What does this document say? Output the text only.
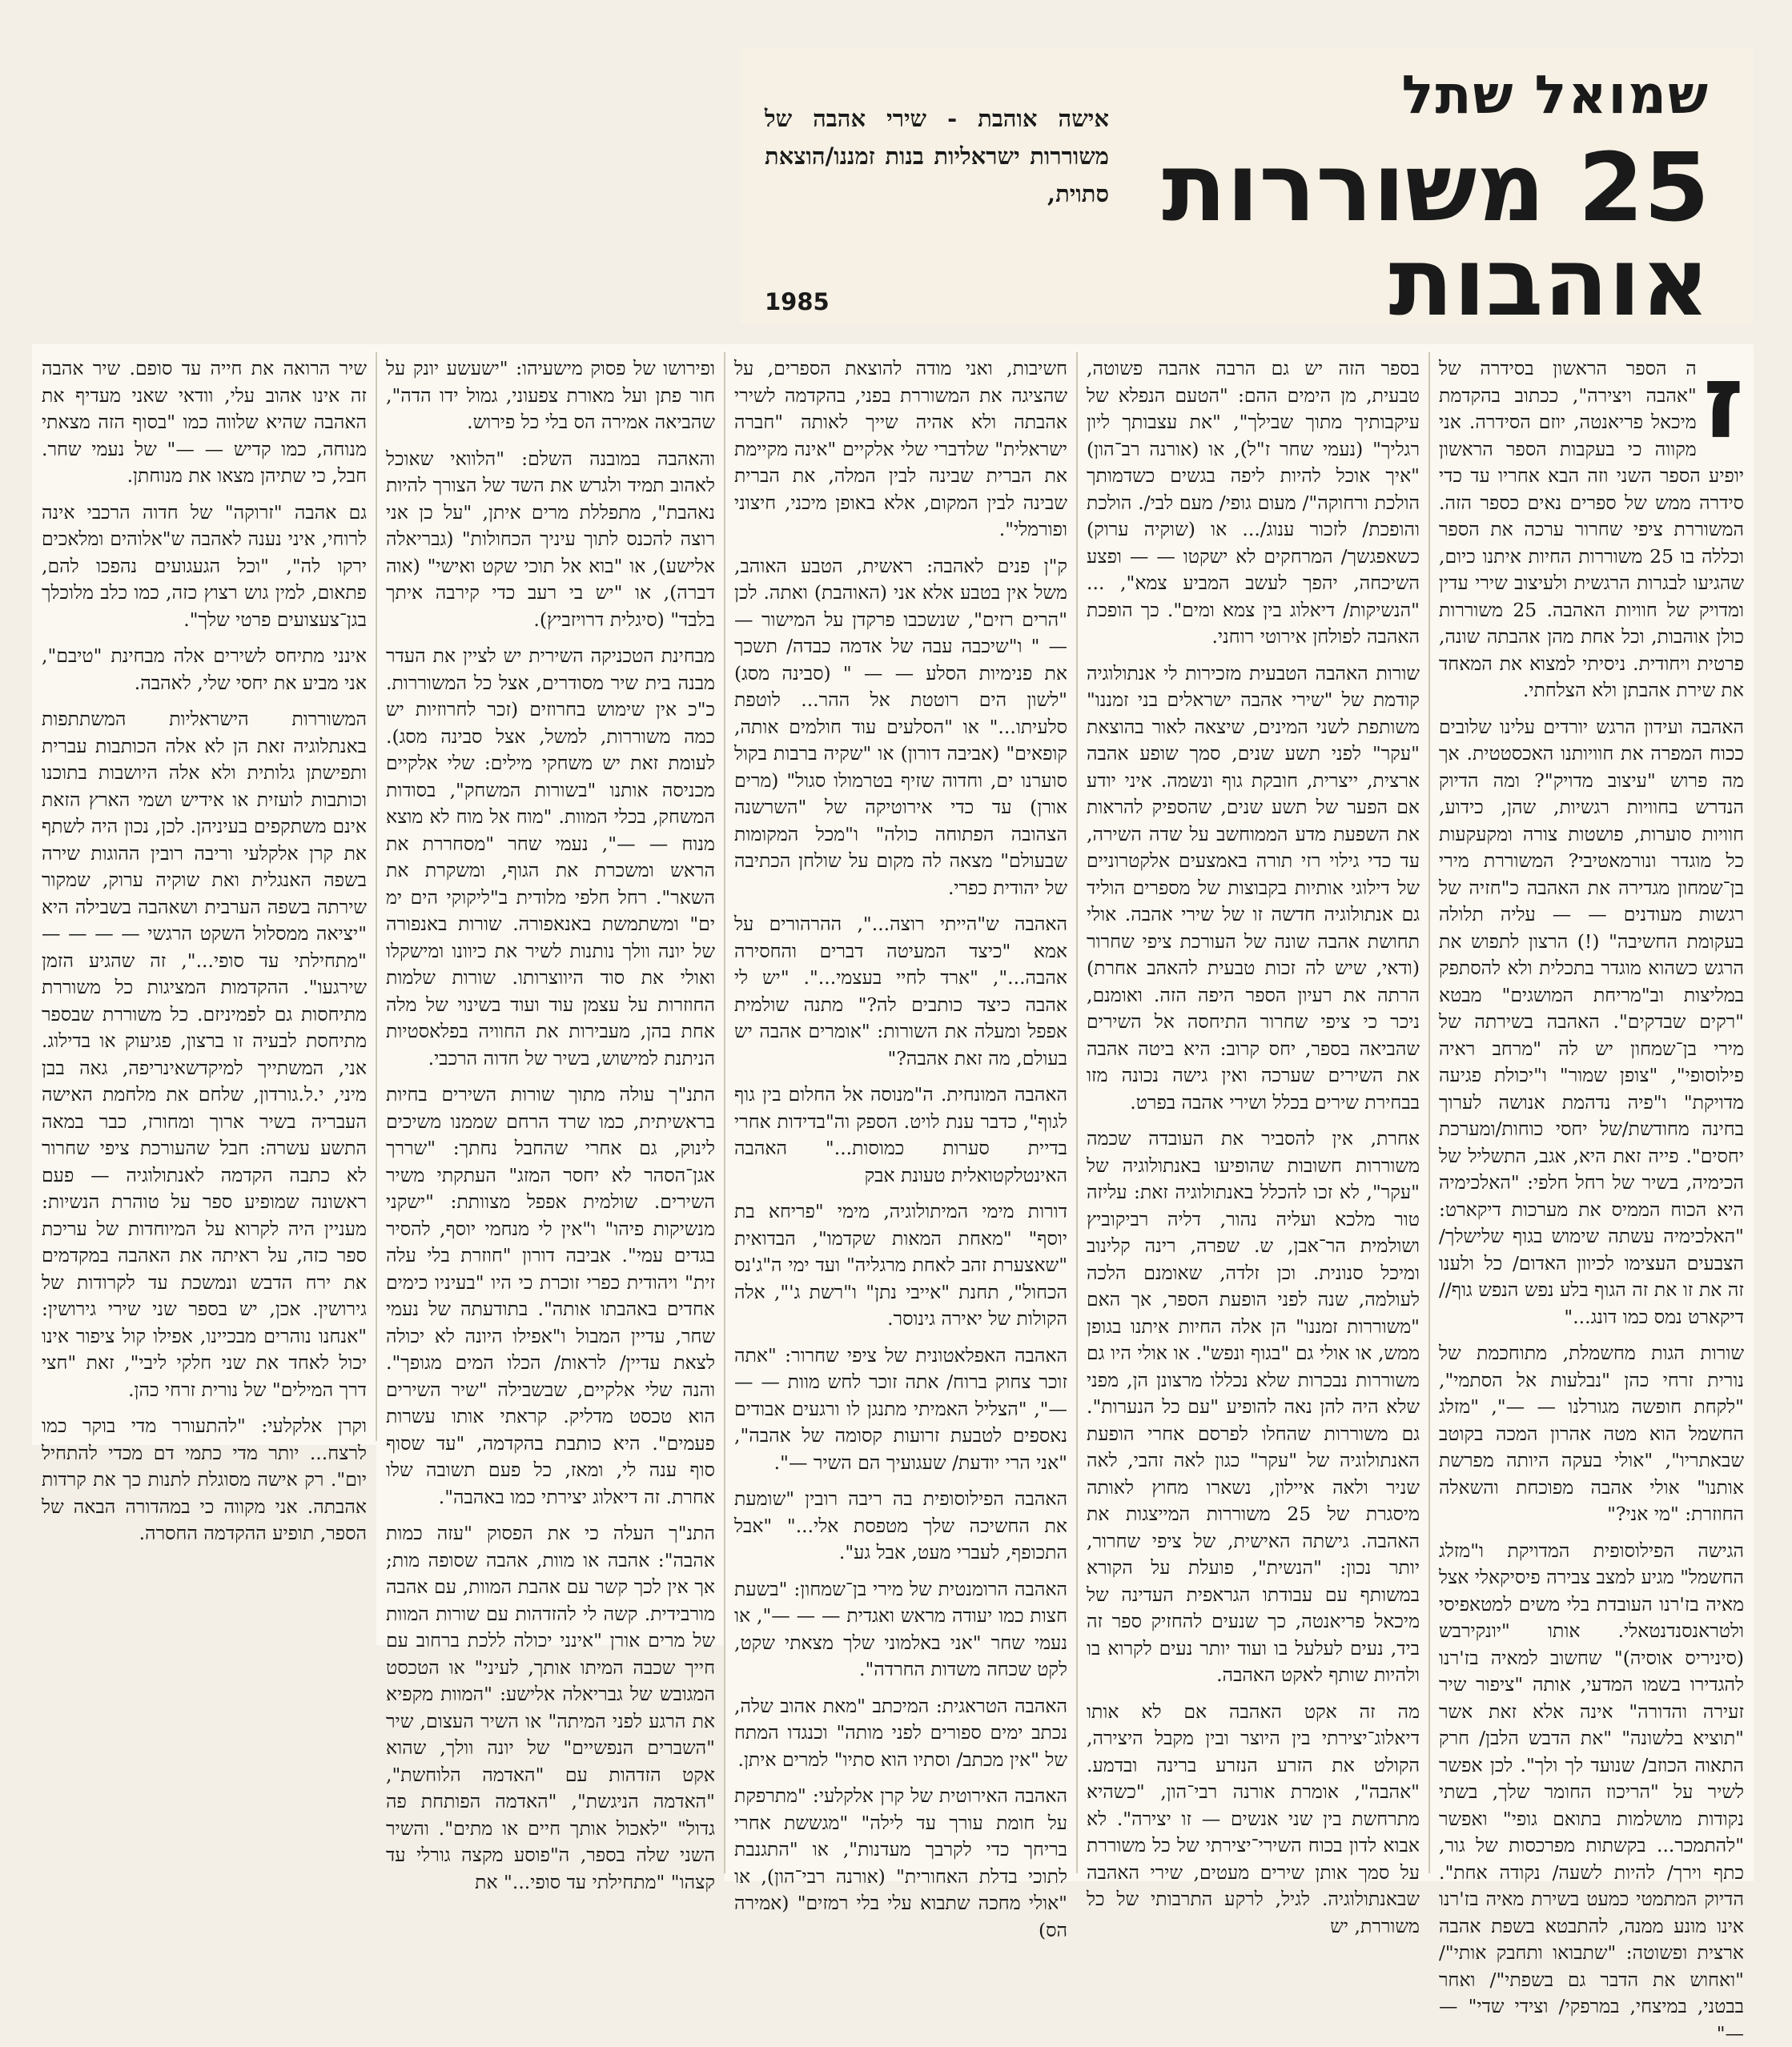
שמואל שתל
25 משוררות אוהבות
אישה אוהבת - שירי אהבה של משוררות ישראליות בנות זמננו/הוצאת סתוית,
1985
ז

ה הספר הראשון בסידרה של "אהבה ויצירה", ככתוב בהקדמת מיכאל פריאנטה, יוזם הסידרה. אני מקווה כי בעקבות הספר הראשון יופיע הספר השני וזה הבא אחריו עד כדי סידרה ממש של ספרים נאים כספר הזה. המשוררת ציפי שחרור ערכה את הספר וכללה בו 25 משוררות החיות איתנו כיום, שהגיעו לבגרות הרגשית ולעיצוב שירי עדין ומדויק של חוויות האהבה. 25 משוררות כולן אוהבות, וכל אחת מהן אהבתה שונה, פרטית ויחודית. ניסיתי למצוא את המאחד את שירת אהבתן ולא הצלחתי.

האהבה ועידון הרגש יורדים עלינו שלובים ככוח המפרה את חוויותנו האכסטטית. אך מה פרוש "עיצוב מדויק"? ומה הדיוק הנדרש בחוויות רגשיות, שהן, כידוע, חוויות סוערות, פושטות צורה ומקעקעות כל מוגדר ונורמאטיבי? המשוררת מירי בן־שמחון מגדירה את האהבה כ"חזיה של רגשות מעודנים — — עליה תלולה בעקומת החשיבה" (!) הרצון לתפוש את הרגש כשהוא מוגדר בתכלית ולא להסתפק במליצות וב"מריחת המושגים" מבטא "רקים שבדקים". האהבה בשירתה של מירי בן־שמחון יש לה "מרחב ראיה פילוסופי", "צופן שמור" ו"יכולת פגיעה מדויקת" ו"פיה נדהמת אנושה לערוך בחינה מחודשת/של יחסי כוחות/ומערכת יחסים". פייה זאת היא, אגב, התשליל של הכימיה, בשיר של רחל חלפי: "האלכימיה היא הכוח הממיס את מערכות דיקארט: "האלכימיה עשתה שימוש בגוף שלישלך/ הצבעים העצימו לכיוון האדום/ כל ולענו זה את זו את זה הגוף בלע נפש הנפש גוף// דיקארט נמס כמו דונג..."

שורות הגות מחשמלת, מתוחכמת של נורית זרחי כהן "נבלעות אל הסתמי", "לקחת חופשה מגורלנו — —", "מזלג החשמל הוא מטה אהרון המכה בקוטב שבאתריו", "אולי בעקה היותה מפרשת אותנו" אולי אהבה מפוכחת והשאלה החוזרת: "מי אני?"

הגישה הפילוסופית המדויקת ו"מזלג החשמל" מגיע למצב צבירה פיסיקאלי אצל מאיה בז'רנו העובדת בלי משים למטאפיסי ולטראנסנדנטאלי. אותו "יונקירבש (סיניריס אוסיה)" שחשוב למאיה בז'רנו להגדירו בשמו המדעי, אותה "ציפור שיר זעירה והדורה" אינה אלא זאת אשר "תוציא בלשונה" "את הדבש הלבן/ חרק התאוה הכוזב/ שנועד לך ולך". לכן אפשר לשיר על "הריכוז החומר שלך, בשתי נקודות מושלמות בתואם גופי" ואפשר "להתמכר... בקשתות מפרכסות של גור, כתף וירך/ להיות לשעה/ נקודה אחת". הדיוק המתמטי כמעט בשירת מאיה בז'רנו אינו מונע ממנה, להתבטא בשפת אהבה ארצית ופשוטה: "שתבואו ותחבק אותי"/ "ואחוש את הדבר גם בשפתי"/ ואחר בבטני, במיצחי, במרפקי/ וצידי שדי" — —"

בספר הזה יש גם הרבה אהבה פשוטה, טבעית, מן הימים ההם: "הטעם הנפלא של עיקבותיך מתוך שבילך", "את עצבותך ליון רגליך" (נעמי שחר ז"ל), או (אורנה רב־הון) "איך אוכל להיות ליפה בגשים כשדמותך הולכת ורחוקה"/ מעום גופי/ מעם לבי/. הולכת והופכת/ לזכור ענוג/... או (שוקיה ערוק) כשאפגשך/ המרחקים לא ישקטו — — ופצע השיכחה, יהפך לעשב המביע צמא", ... "הנשיקות/ דיאלוג בין צמא ומים". כך הופכת האהבה לפולחן אירוטי רוחני.

שורות האהבה הטבעית מזכירות לי אנתולוגיה קודמת של "שירי אהבה ישראלים בני זמננו" משותפת לשני המינים, שיצאה לאור בהוצאת "עקר" לפני תשע שנים, סמך שופע אהבה ארצית, ייצרית, חובקת גוף ונשמה. איני יודע אם הפער של תשע שנים, שהספיק להראות את השפעת מדע הממוחשב על שדה השירה, עד כדי גילוי רזי תורה באמצעים אלקטרוניים של דילוגי אותיות בקבוצות של מספרים הוליד גם אנתולוגיה חדשה זו של שירי אהבה. אולי תחושת אהבה שונה של העורכת ציפי שחרור (ודאי, שיש לה זכות טבעית להאהב אחרת) הרתה את רעיון הספר היפה הזה. ואומנם, ניכר כי ציפי שחרור התיחסה אל השירים שהביאה בספר, יחס קרוב: היא ביטה אהבה את השירים שערכה ואין גישה נכונה מזו בבחירת שירים בכלל ושירי אהבה בפרט.

אחרת, אין להסביר את העובדה שכמה משוררות חשובות שהופיעו באנתולוגיה של "עקר", לא זכו להכלל באנתולוגיה זאת: עליזה טור מלכא ועליה נהור, דליה רביקוביץ ושולמית הר־אבן, ש. שפרה, רינה קלינוב ומיכל סנונית. וכן זלדה, שאומנם הלכה לעולמה, שנה לפני הופעת הספר, אך האם "משוררות זמננו" הן אלה החיות איתנו בגופן ממש, או אולי גם "בגוף ונפש". או אולי היו גם משוררות נבכרות שלא נכללו מרצונן הן, מפני שלא היה להן נאה להופיע "עם כל הנערות". גם משוררות שהחלו לפרסם אחרי הופעת האנתולוגיה של "עקר" כגון לאה זהבי, לאה שניר ולאה איילון, נשארו מחוץ לאותה מיסגרת של 25 משוררות המייצגות את האהבה. גישתה האישית, של ציפי שחרור, יותר נכון: "הנשית", פועלת על הקורא במשותף עם עבודתו הגראפית העדינה של מיכאל פריאנטה, כך שנעים להחזיק ספר זה ביד, נעים לעלעל בו ועוד יותר נעים לקרוא בו ולהיות שותף לאקט האהבה.

מה זה אקט האהבה אם לא אותו דיאלוג־יצירתי בין היוצר ובין מקבל היצירה, הקולט את הזרע הנזרע ברינה ובדמע. "אהבה", אומרת אורנה רבי־הון, "כשהיא מתרחשת בין שני אנשים — זו יצירה". לא אבוא לדון בכוח השירי־יצירתי של כל משוררת על סמך אותן שירים מעטים, שירי האהבה שבאנתולוגיה. לגיל, לרקע התרבותי של כל משוררת, יש

חשיבות, ואני מודה להוצאת הספרים, על שהציגה את המשוררת בפני, בהקדמה לשירי אהבתה ולא אהיה שייך לאותה "חברה ישראלית" שלדברי שלי אלקיים "אינה מקיימת את הברית שבינה לבין המלה, את הברית שבינה לבין המקום, אלא באופן מיכני, חיצוני ופורמלי".

ק"ן פנים לאהבה: ראשית, הטבע האוהב, משל אין בטבע אלא אני (האוהבת) ואתה. לכן "הרים רזים", שנשכבו פרקדן על המישור — — " ו"שיכבה עבה של אדמה כבדה/ תשכך את פנימיות הסלע — — " (סבינה מסג) "לשון הים רוטטת אל ההר... לוטפת סלעיתו..." או "הסלעים עוד חולמים אותה, קופאים" (אביבה דורון) או "שקיה ברבות בקול סוערנו ים, וחדוה שזיף בטרמולו סגול" (מרים אורן) עד כדי אירוטיקה של "השרשנה הצהובה הפתוחה כולה" ו"מכל המקומות שבעולם" מצאה לה מקום על שולחן הכתיבה של יהודית כפרי.

האהבה ש"הייתי רוצה...", ההרהורים על אמא "כיצד המעיטה דברים והחסירה אהבה...", "ארד לחיי בעצמי...". "יש לי אהבה כיצד כותבים לה?" מתנה שולמית אפפל ומעלה את השורות: "אומרים אהבה יש בעולם, מה זאת אהבה?"

האהבה המונחית. ה"מנוסה אל החלום בין גוף לגוף", כדבר ענת לויט. הספק וה"בדידות אחרי בדיית סערות כמוסות..." האהבה האינטלקטואלית טעונת אבק

דורות מימי המיתולוגיה, מימי "פריחא בת יוסף" "מאחת המאות שקדמו", הבדואית "שאצערת זהב לאחת מרגליה" ועד ימי ה"ג'נס הכחול", תחנת "אייבי נתן" ו"רשת ג'", אלה הקולות של יאירה גינוסר.

האהבה האפלאטונית של ציפי שחרור: "אתה זוכר צחוק ברוח/ אתה זוכר לחש מוות — — —", "הצליל האמיתי מתנגן לו ורגעים אבודים נאספים לטבעת זרועות קסומה של אהבה", "אני הרי יודעת/ שעגועיך הם השיר —".

האהבה הפילוסופית בה ריבה רובין "שומעת את החשיכה שלך מטפסת אלי..." "אבל התכופף, לעברי מעט, אבל גע".

האהבה הרומנטית של מירי בן־שמחון: "בשעת חצות כמו יעודה מראש ואגדית — — —", או נעמי שחר "אני באלמוני שלך מצאתי שקט, לקט שכחה משדות החרדה".

האהבה הטראגית: המיכתב "מאת אהוב שלה, נכתב ימים ספורים לפני מותה" וכנגדו המתח של "אין מכתב/ וסתיו הוא סתיו" למרים איתן.

האהבה האירוטית של קרן אלקלעי: "מתרפקת על חומת עורך עד לילה" "מגששת אחרי בריחך כדי לקרבך מעדנות", או "התגנבת לתוכי בדלת האחורית" (אורנה רבי־הון), או "אולי מחכה שתבוא עלי בלי רמזים" (אמירה הס)

ופירושו של פסוק מישעיהו: "ישעשע יונק על חור פתן ועל מאורת צפעוני, גמול ידו הדה", שהביאה אמירה הס בלי כל פירוש.

והאהבה במובנה השלם: "הלוואי שאוכל לאהוב תמיד ולגרש את השד של הצורך להיות נאהבת", מתפללת מרים איתן, "על כן אני רוצה להכנס לתוך עיניך הכחולות" (גבריאלה אלישע), או "בוא אל תוכי שקט ואישי" (אוה דברה), או "יש בי רעב כדי קירבה איתך בלבד" (סיגלית דרויזביץ).

מבחינת הטכניקה השירית יש לציין את העדר מבנה בית שיר מסודרים, אצל כל המשוררות. כ"כ אין שימוש בחרוזים (זכר לחרוזיות יש כמה משוררות, למשל, אצל סבינה מסג). לעומת זאת יש משחקי מילים: שלי אלקיים מכניסה אותנו "בשורות המשחק", בסודות המשחק, בכלי המוות. "מוח אל מוח לא מוצא מנוח — —", נעמי שחר "מסחררת את הראש ומשכרת את הגוף, ומשקרת את השאר". רחל חלפי מלודית ב"ליקוקי הים ימ ים" ומשתמשת באנאפורה. שורות באנפורה של יונה וולך נותנות לשיר את כיוונו ומישקלו ואולי את סוד היווצרותו. שורות שלמות החוזרות על עצמן עוד ועוד בשינוי של מלה אחת בהן, מעבירות את החוויה בפלאסטיות הניתנת למישוש, בשיר של חדוה הרכבי.

התנ"ך עולה מתוך שורות השירים בחיות בראשיתית, כמו שרד הרחם שממנו משיכים לינוק, גם אחרי שהחבל נחתך: "שררך אגן־הסהר לא יחסר המזג" העתקתי משיר השירים. שולמית אפפל מצוותת: "ישקני מנשיקות פיהו" ו"אין לי מנחמי יוסף, להסיר בגדים עמי". אביבה דורון "חוזרת בלי עלה זית" ויהודית כפרי זוכרת כי היו "בעיניו כימים אחדים באהבתו אותה". בתודעתה של נעמי שחר, עדיין המבול ו"אפילו היונה לא יכולה לצאת עדיין/ לראות/ הכלו המים מגופך". והנה שלי אלקיים, שבשבילה "שיר השירים הוא טכסט מדליק. קראתי אותו עשרות פעמים". היא כותבת בהקדמה, "עד שסוף סוף ענה לי, ומאז, כל פעם תשובה שלו אחרת. זה דיאלוג יצירתי כמו באהבה".

התנ"ך העלה כי את הפסוק "עזה כמות אהבה": אהבה או מוות, אהבה שסופה מות; אך אין לכך קשר עם אהבת המוות, עם אהבה מורבידית. קשה לי להזדהות עם שורות המוות של מרים אורן "אינני יכולה ללכת ברחוב עם חייך שכבה המיתו אותך, לעיני" או הטכסט המגובש של גבריאלה אלישע: "המוות מקפיא את הרגע לפני המיתה" או השיר העצום, שיר "השברים הנפשיים" של יונה וולך, שהוא אקט הזדהות עם "האדמה הלוחשת", "האדמה הניגשת", "האדמה הפותחת פה גדול" "לאכול אותך חיים או מתים". והשיר השני שלה בספר, ה"פוסע מקצה גורלי עד קצהו" "מתחילתי עד סופי..." את

שיר הרואה את חייה עד סופם. שיר אהבה זה אינו אהוב עלי, וודאי שאני מעדיף את האהבה שהיא שלווה כמו "בסוף הזה מצאתי מנוחה, כמו קדיש — —" של נעמי שחר. חבל, כי שתיהן מצאו את מנוחתן.

גם אהבה "זרוקה" של חדוה הרכבי אינה לרוחי, איני נענה לאהבה ש"אלוהים ומלאכים ירקו לה", "וכל הגעגועים נהפכו להם, פתאום, למין גוש רצוץ כזה, כמו כלב מלוכלך בגן־צעצועים פרטי שלך".

אינני מתיחס לשירים אלה מבחינת "טיבם", אני מביע את יחסי שלי, לאהבה.

המשוררות הישראליות המשתתפות באנתלוגיה זאת הן לא אלה הכותבות עברית ותפישתן גלותית ולא אלה היושבות בתוכנו וכותבות לועזית או אידיש ושמי הארץ הזאת אינם משתקפים בעיניהן. לכן, נכון היה לשתף את קרן אלקלעי וריבה רובין ההוגות שירה בשפה האנגלית ואת שוקיה ערוק, שמקור שירתה בשפה הערבית ושאהבה בשבילה היא "יציאה ממסלול השקט הרגשי — — — — "מתחילתי עד סופי...", זה שהגיע הזמן שירגעו". ההקדמות המציגות כל משוררת מתיחסות גם לפמיניזם. כל משוררת שבספר מתיחסת לבעיה זו ברצון, פגיעוק או בדילוג. אני, המשתייך למיקדשאינריפה, גאה בבן מיני, י.ל.גורדון, שלחם את מלחמת האישה העבריה בשיר ארוך ומחורז, כבר במאה התשע עשרה: חבל שהעורכת ציפי שחרור לא כתבה הקדמה לאנתולוגיה — פעם ראשונה שמופיע ספר על טוהרת הנשיות: מעניין היה לקרוא על המיוחדות של עריכת ספר כזה, על ראיתה את האהבה במקדמים את ירח הדבש ונמשכת עד לקרודות של גירושין. אכן, יש בספר שני שירי גירושין: "אנחנו נוהרים מבכיינו, אפילו קול ציפור אינו יכול לאחד את שני חלקי ליבי", זאת "חצי דרך המילים" של נורית זרחי כהן.

וקרן אלקלעי: "להתעורר מדי בוקר כמו לרצח... יותר מדי כתמי דם מכדי להתחיל יום". רק אישה מסוגלת לתנות כך את קרדות אהבתה. אני מקווה כי במהדורה הבאה של הספר, תופיע ההקדמה החסרה.
